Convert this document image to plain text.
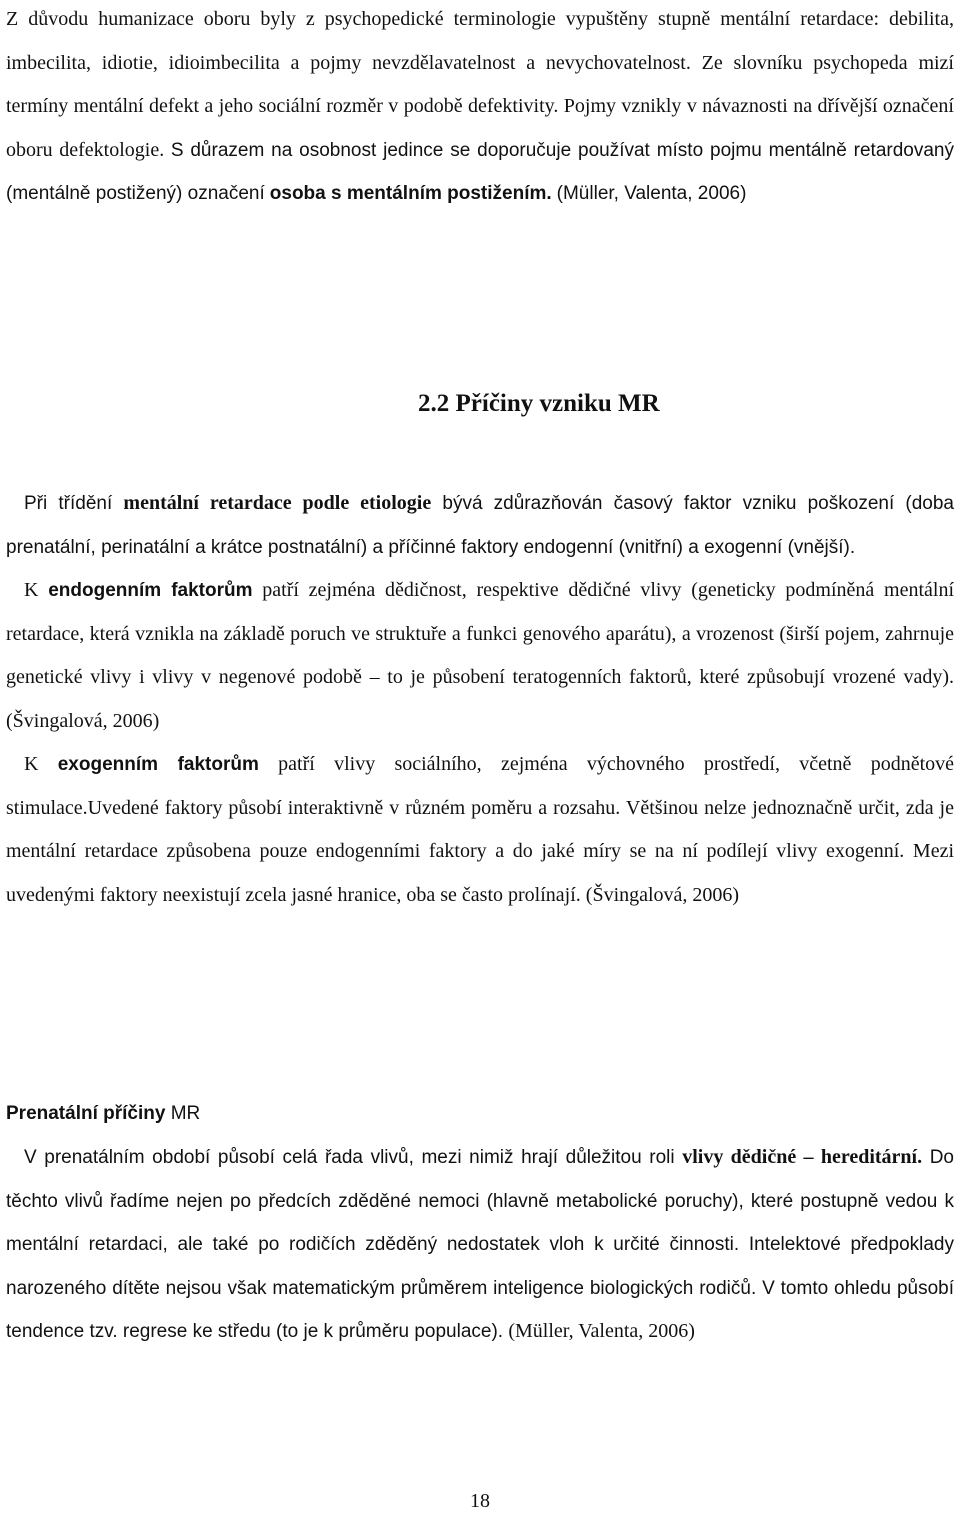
Z důvodu humanizace oboru byly z psychopedické terminologie vypuštěny stupně mentální retardace: debilita, imbecilita, idiotie, idioimbecilita a pojmy nevzdělavatelnost a nevychovatelnost. Ze slovníku psychopeda mizí termíny mentální defekt a jeho sociální rozměr v podobě defektivity. Pojmy vznikly v návaznosti na dřívější označení oboru defektologie. S důrazem na osobnost jedince se doporučuje používat místo pojmu mentálně retardovaný (mentálně postižený) označení osoba s mentálním postižením. (Müller, Valenta, 2006)

2.2 Příčiny vzniku MR

Při třídění mentální retardace podle etiologie bývá zdůrazňován časový faktor vzniku poškození (doba prenatální, perinatální a krátce postnatální) a příčinné faktory endogenní (vnitřní) a exogenní (vnější).

K endogenním faktorům patří zejména dědičnost, respektive dědičné vlivy (geneticky podmíněná mentální retardace, která vznikla na základě poruch ve struktuře a funkci genového aparátu), a vrozenost (širší pojem, zahrnuje genetické vlivy i vlivy v negenové podobě – to je působení teratogenních faktorů, které způsobují vrozené vady). (Švingalová, 2006)

K exogenním faktorům patří vlivy sociálního, zejména výchovného prostředí, včetně podnětové stimulace.Uvedené faktory působí interaktivně v různém poměru a rozsahu. Většinou nelze jednoznačně určit, zda je mentální retardace způsobena pouze endogenními faktory a do jaké míry se na ní podílejí vlivy exogenní. Mezi uvedenými faktory neexistují zcela jasné hranice, oba se často prolínají. (Švingalová, 2006)

Prenatální příčiny MR

V prenatálním období působí celá řada vlivů, mezi nimiž hrají důležitou roli vlivy dědičné – hereditární. Do těchto vlivů řadíme nejen po předcích zděděné nemoci (hlavně metabolické poruchy), které postupně vedou k mentální retardaci, ale také po rodičích zděděný nedostatek vloh k určité činnosti. Intelektové předpoklady narozeného dítěte nejsou však matematickým průměrem inteligence biologických rodičů. V tomto ohledu působí tendence tzv. regrese ke středu (to je k průměru populace). (Müller, Valenta, 2006)

18
